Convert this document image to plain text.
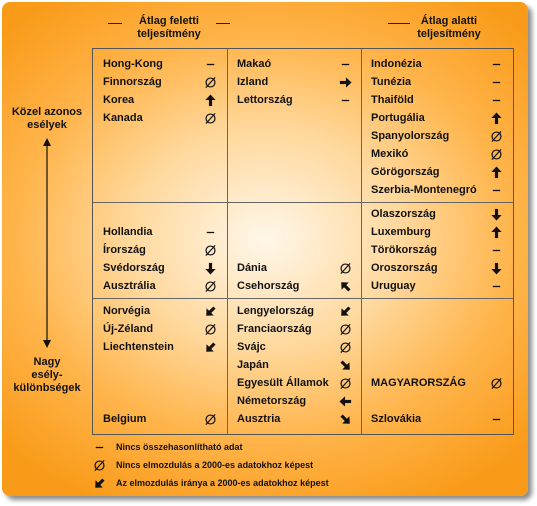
Átlag feletti
teljesítmény
Átlag alatti
teljesítmény
Közel azonos
esélyek
Nagy
esély-
különbségek
Hong-Kong
Finnország
Korea
Kanada
Makaó
Izland
Lettország
Indonézia
Tunézia
Thaiföld
Portugália
Spanyolország
Mexikó
Görögország
Szerbia-Montenegró
Hollandia
Írország
Svédország
Ausztrália
Dánia
Csehország
Olaszország
Luxemburg
Törökország
Oroszország
Uruguay
Norvégia
Új-Zéland
Liechtenstein
Belgium
Lengyelország
Franciaország
Svájc
Japán
Egyesült Államok
Németország
Ausztria
MAGYARORSZÁG
Szlovákia
Nincs összehasonlítható adat
Nincs elmozdulás a 2000-es adatokhoz képest
Az elmozdulás iránya a 2000-es adatokhoz képest
